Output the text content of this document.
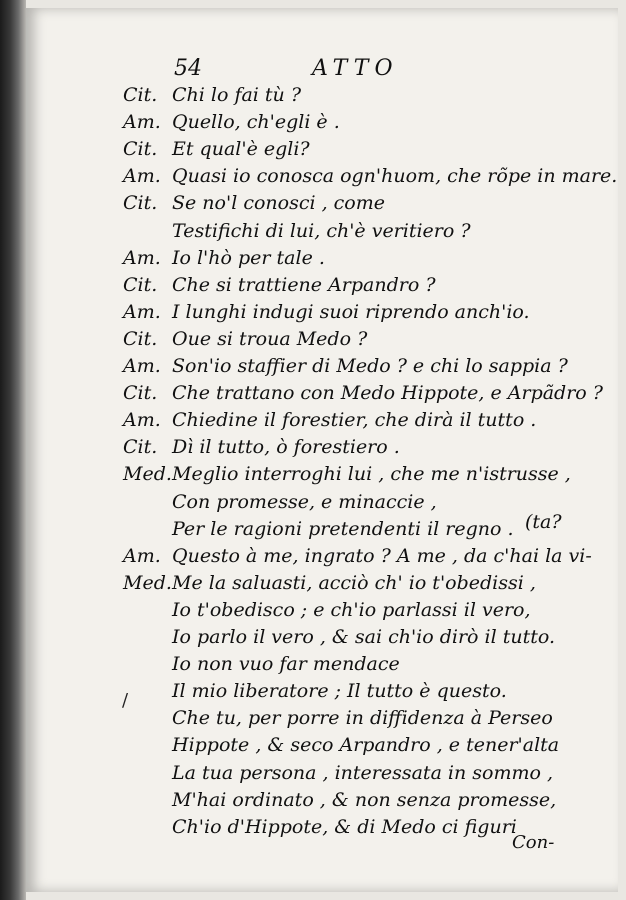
54	ATTO
Cit. Chi lo fai tù ?
Am. Quello, ch'egli è .
Cit. Et qual'è egli?
Am. Quasi io conosca ogn'huom, che rõpe in mare.
Cit. Se no'l conosci , come
Testifichi di lui, ch'è veritiero ?
Am. Io l'hò per tale .
Cit. Che si trattiene Arpandro ?
Am. I lunghi indugi suoi riprendo anch'io.
Cit. Oue si troua Medo ?
Am. Son'io staffier di Medo ? e chi lo sappia ?
Cit. Che trattano con Medo Hippote, e Arpãdro ?
Am. Chiedine il forestier, che dirà il tutto .
Cit. Dì il tutto, ò forestiero .
Med. Meglio interroghi lui , che me n'istrusse ,
Con promesse, e minaccie ,
Per le ragioni pretendenti il regno .
Am. Questo à me, ingrato ? A me , da c'hai la vi-
Med. Me la saluasti, acciò ch' io t'obedissi ,
Io t'obedisco ; e ch'io parlassi il vero,
Io parlo il vero , & sai ch'io dirò il tutto.
Io non vuo far mendace
Il mio liberatore ; Il tutto è questo.
Che tu, per porre in diffidenza à Perseo
Hippote , & seco Arpandro , e tener'alta
La tua persona , interessata in sommo ,
M'hai ordinato , & non senza promesse,
Ch'io d'Hippote, & di Medo ci figuri
(ta?
/
Con-
